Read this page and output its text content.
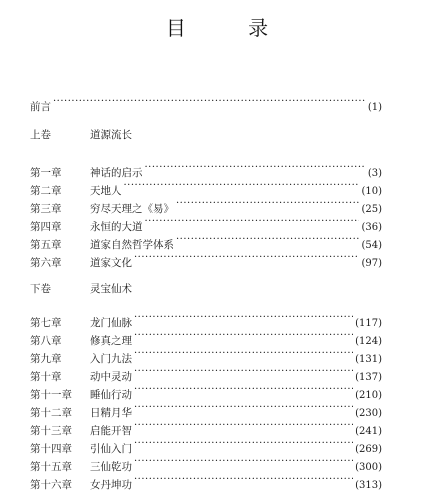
目 录
前言 ·····	(1)
上卷	道源流长
第一章	神话的启示 ·····	(3)
第二章	天地人 ·····	(10)
第三章	穷尽天理之《易》 ·····	(25)
第四章	永恒的大道 ·····	(36)
第五章	道家自然哲学体系 ·····	(54)
第六章	道家文化 ·····	(97)
下卷	灵宝仙术
第七章	龙门仙脉 ·····	(117)
第八章	修真之理 ·····	(124)
第九章	入门九法 ·····	(131)
第十章	动中灵动 ·····	(137)
第十一章	睡仙行动 ·····	(210)
第十二章	日精月华 ·····	(230)
第十三章	启能开智 ·····	(241)
第十四章	引仙入门 ·····	(269)
第十五章	三仙乾功 ·····	(300)
第十六章	女丹坤功 ·····	(313)
